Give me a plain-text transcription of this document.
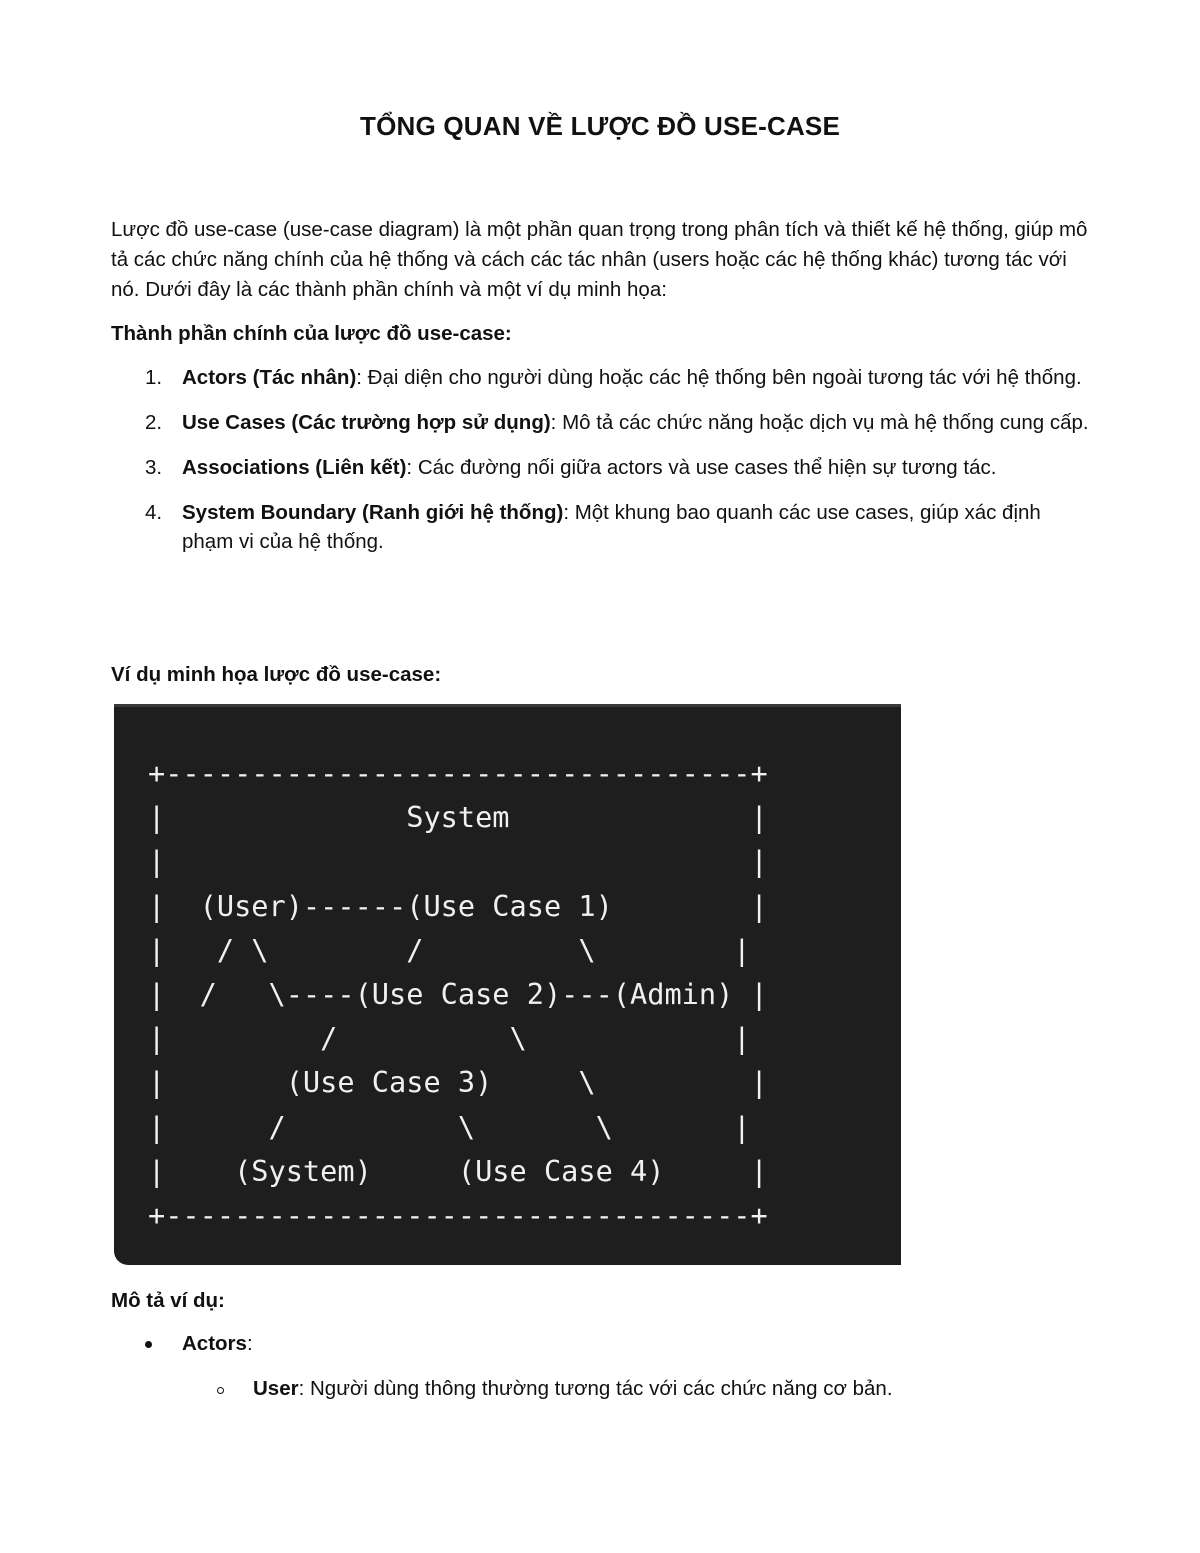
TỔNG QUAN VỀ LƯỢC ĐỒ USE-CASE

Lược đồ use-case (use-case diagram) là một phần quan trọng trong phân tích và thiết kế hệ thống, giúp mô tả các chức năng chính của hệ thống và cách các tác nhân (users hoặc các hệ thống khác) tương tác với nó. Dưới đây là các thành phần chính và một ví dụ minh họa:

Thành phần chính của lược đồ use-case:

1. Actors (Tác nhân): Đại diện cho người dùng hoặc các hệ thống bên ngoài tương tác với hệ thống.
2. Use Cases (Các trường hợp sử dụng): Mô tả các chức năng hoặc dịch vụ mà hệ thống cung cấp.
3. Associations (Liên kết): Các đường nối giữa actors và use cases thể hiện sự tương tác.
4. System Boundary (Ranh giới hệ thống): Một khung bao quanh các use cases, giúp xác định phạm vi của hệ thống.

Ví dụ minh họa lược đồ use-case:

+----------------------------------+
|              System              |
|                                  |
|  (User)------(Use Case 1)        |
|   / \        /         \        |
|  /   \----(Use Case 2)---(Admin) |
|         /          \            |
|       (Use Case 3)     \         |
|      /          \       \       |
|    (System)     (Use Case 4)     |
+----------------------------------+

Mô tả ví dụ:

Actors:
User: Người dùng thông thường tương tác với các chức năng cơ bản.
